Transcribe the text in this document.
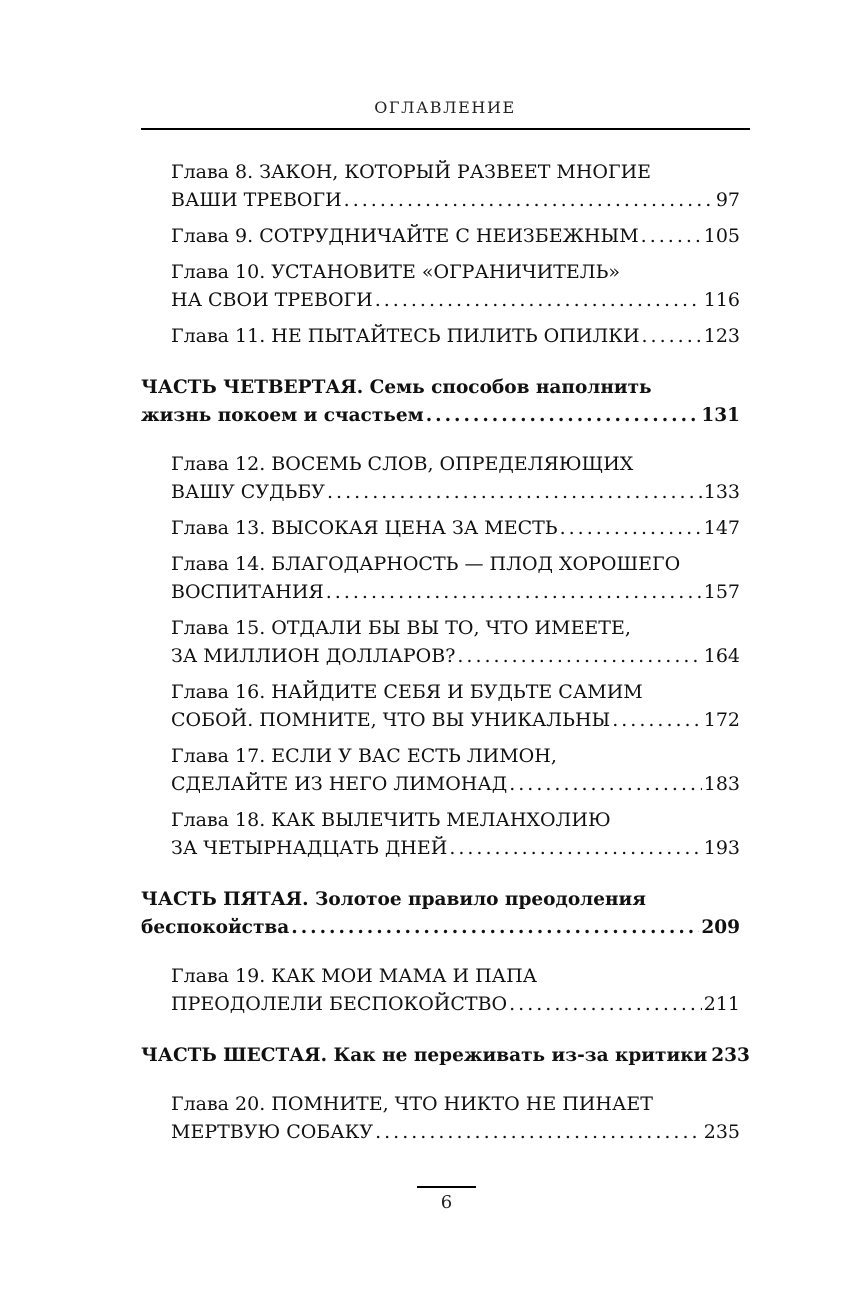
ОГЛАВЛЕНИЕ
Глава 8. ЗАКОН, КОТОРЫЙ РАЗВЕЕТ МНОГИЕ
ВАШИ ТРЕВОГИ .....	97
Глава 9. СОТРУДНИЧАЙТЕ С НЕИЗБЕЖНЫМ .....	105
Глава 10. УСТАНОВИТЕ «ОГРАНИЧИТЕЛЬ»
НА СВОИ ТРЕВОГИ .....	116
Глава 11. НЕ ПЫТАЙТЕСЬ ПИЛИТЬ ОПИЛКИ .....	123
ЧАСТЬ ЧЕТВЕРТАЯ. Семь способов наполнить
жизнь покоем и счастьем .....	131
Глава 12. ВОСЕМЬ СЛОВ, ОПРЕДЕЛЯЮЩИХ
ВАШУ СУДЬБУ .....	133
Глава 13. ВЫСОКАЯ ЦЕНА ЗА МЕСТЬ .....	147
Глава 14. БЛАГОДАРНОСТЬ — ПЛОД ХОРОШЕГО
ВОСПИТАНИЯ .....	157
Глава 15. ОТДАЛИ БЫ ВЫ ТО, ЧТО ИМЕЕТЕ,
ЗА МИЛЛИОН ДОЛЛАРОВ? .....	164
Глава 16. НАЙДИТЕ СЕБЯ И БУДЬТЕ САМИМ
СОБОЙ. ПОМНИТЕ, ЧТО ВЫ УНИКАЛЬНЫ .....	172
Глава 17. ЕСЛИ У ВАС ЕСТЬ ЛИМОН,
СДЕЛАЙТЕ ИЗ НЕГО ЛИМОНАД .....	183
Глава 18. КАК ВЫЛЕЧИТЬ МЕЛАНХОЛИЮ
ЗА ЧЕТЫРНАДЦАТЬ ДНЕЙ .....	193
ЧАСТЬ ПЯТАЯ. Золотое правило преодоления
беспокойства .....	209
Глава 19. КАК МОИ МАМА И ПАПА
ПРЕОДОЛЕЛИ БЕСПОКОЙСТВО .....	211
ЧАСТЬ ШЕСТАЯ. Как не переживать из-за критики 233
Глава 20. ПОМНИТЕ, ЧТО НИКТО НЕ ПИНАЕТ
МЕРТВУЮ СОБАКУ .....	235
6
